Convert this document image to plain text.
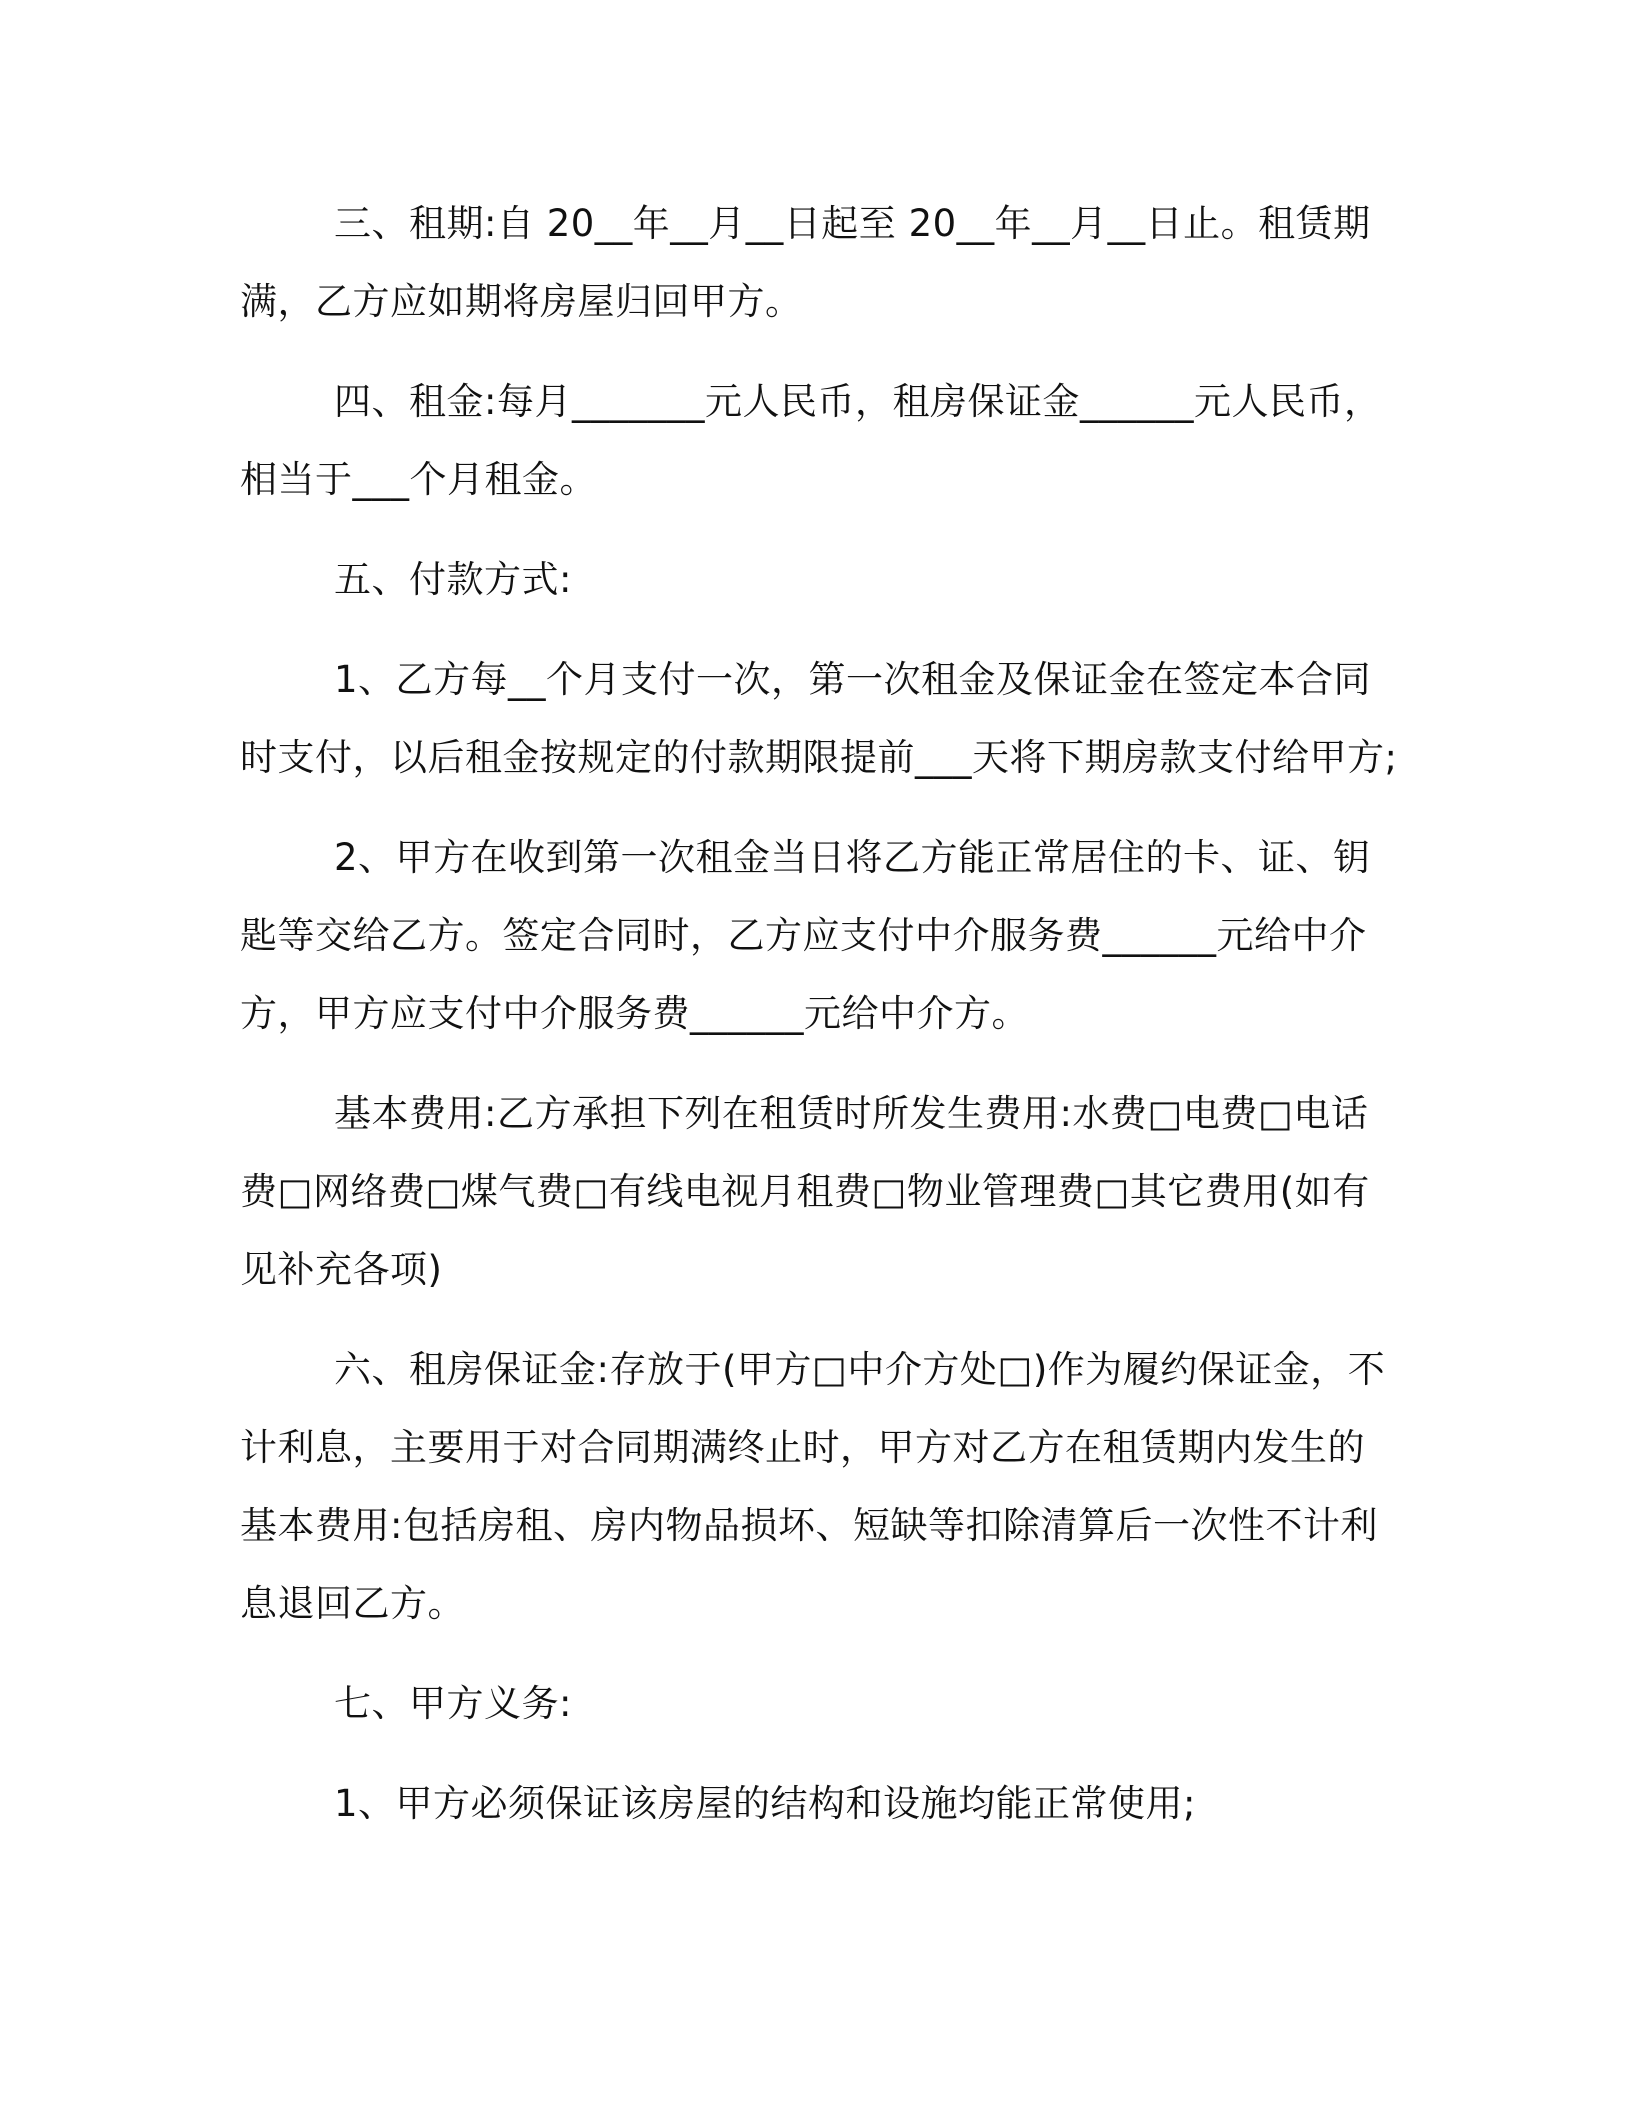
三、租期:自 20__年__月__日起至 20__年__月__日止。租赁期满，乙方应如期将房屋归回甲方。

四、租金:每月_______元人民币，租房保证金______元人民币，相当于___个月租金。

五、付款方式:

1、乙方每__个月支付一次，第一次租金及保证金在签定本合同时支付，以后租金按规定的付款期限提前___天将下期房款支付给甲方;

2、甲方在收到第一次租金当日将乙方能正常居住的卡、证、钥匙等交给乙方。签定合同时，乙方应支付中介服务费______元给中介方，甲方应支付中介服务费______元给中介方。

基本费用:乙方承担下列在租赁时所发生费用:水费□电费□电话费□网络费□煤气费□有线电视月租费□物业管理费□其它费用(如有见补充各项)

六、租房保证金:存放于(甲方□中介方处□)作为履约保证金，不计利息，主要用于对合同期满终止时，甲方对乙方在租赁期内发生的基本费用:包括房租、房内物品损坏、短缺等扣除清算后一次性不计利息退回乙方。

七、甲方义务:

1、甲方必须保证该房屋的结构和设施均能正常使用;
